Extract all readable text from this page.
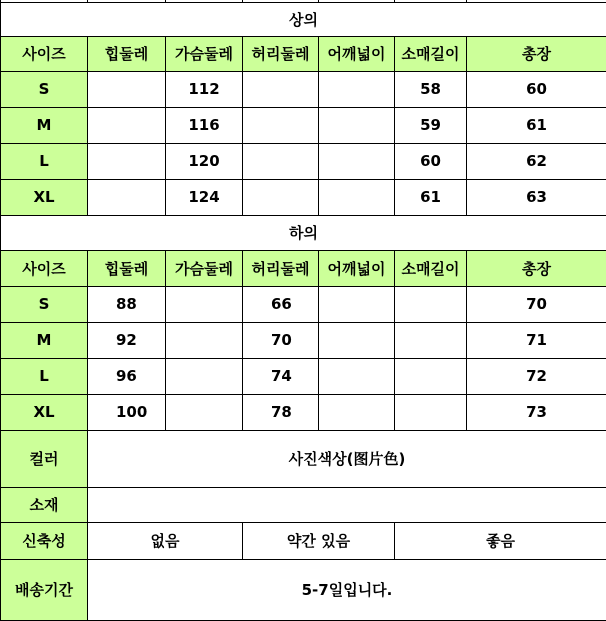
상의						
사이즈	힙둘레	가슴둘레	허리둘레	어깨넓이	소매길이	총장
S		112			58	60
M		116			59	61
L		120			60	62
XL		124			61	63
하의						
사이즈	힙둘레	가슴둘레	허리둘레	어깨넓이	소매길이	총장
S	88		66			70
M	92		70			71
L	96		74			72
XL	100		78			73
컬러	사진색상(图片色)					
소재						
신축성	없음		약간 있음		좋음	
배송기간	5-7일입니다.					
